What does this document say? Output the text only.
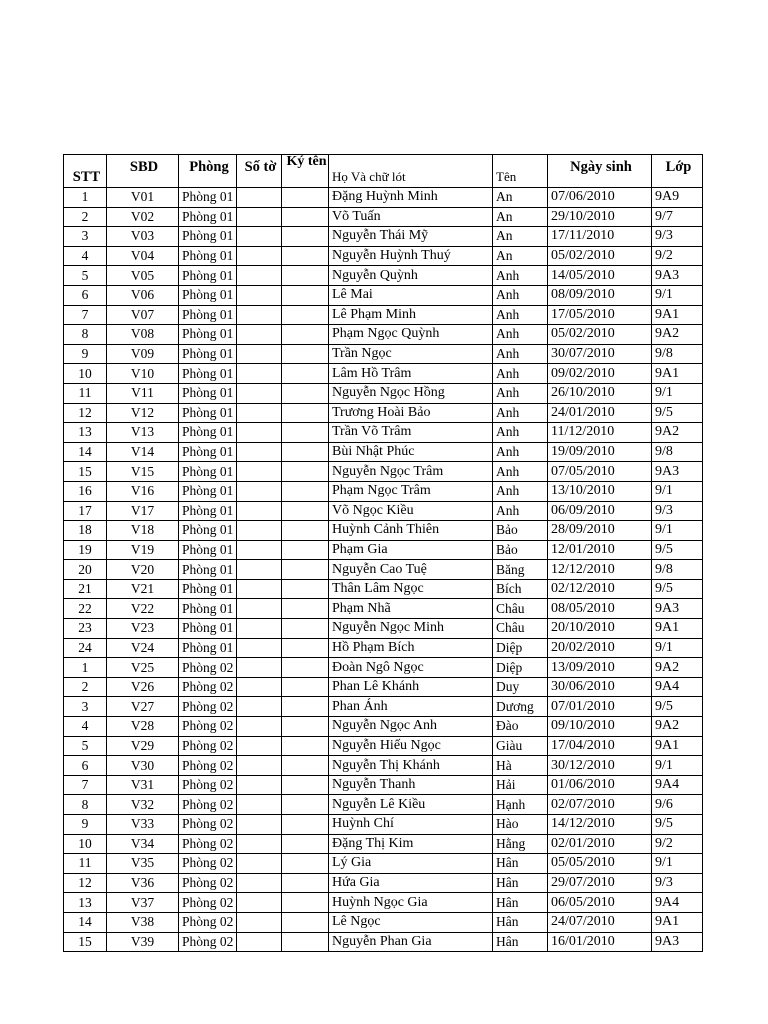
STT	SBD	Phòng	Số tờ	Ký tên	Họ Và chữ lót	Tên	Ngày sinh	Lớp
1	V01	Phòng 01			Đặng Huỳnh Minh	An	07/06/2010	9A9
2	V02	Phòng 01			Võ Tuấn	An	29/10/2010	9/7
3	V03	Phòng 01			Nguyễn Thái Mỹ	An	17/11/2010	9/3
4	V04	Phòng 01			Nguyễn Huỳnh Thuý	An	05/02/2010	9/2
5	V05	Phòng 01			Nguyễn Quỳnh	Anh	14/05/2010	9A3
6	V06	Phòng 01			Lê Mai	Anh	08/09/2010	9/1
7	V07	Phòng 01			Lê Phạm Minh	Anh	17/05/2010	9A1
8	V08	Phòng 01			Phạm Ngọc Quỳnh	Anh	05/02/2010	9A2
9	V09	Phòng 01			Trần Ngọc	Anh	30/07/2010	9/8
10	V10	Phòng 01			Lâm Hồ Trâm	Anh	09/02/2010	9A1
11	V11	Phòng 01			Nguyễn Ngọc Hồng	Anh	26/10/2010	9/1
12	V12	Phòng 01			Trương Hoài Bảo	Anh	24/01/2010	9/5
13	V13	Phòng 01			Trần Võ Trâm	Anh	11/12/2010	9A2
14	V14	Phòng 01			Bùi Nhật Phúc	Anh	19/09/2010	9/8
15	V15	Phòng 01			Nguyễn Ngọc Trâm	Anh	07/05/2010	9A3
16	V16	Phòng 01			Phạm Ngọc Trâm	Anh	13/10/2010	9/1
17	V17	Phòng 01			Võ Ngọc Kiều	Anh	06/09/2010	9/3
18	V18	Phòng 01			Huỳnh Cảnh Thiên	Bảo	28/09/2010	9/1
19	V19	Phòng 01			Phạm Gia	Bảo	12/01/2010	9/5
20	V20	Phòng 01			Nguyễn Cao Tuệ	Băng	12/12/2010	9/8
21	V21	Phòng 01			Thân Lâm Ngọc	Bích	02/12/2010	9/5
22	V22	Phòng 01			Phạm Nhã	Châu	08/05/2010	9A3
23	V23	Phòng 01			Nguyễn Ngọc Minh	Châu	20/10/2010	9A1
24	V24	Phòng 01			Hồ Phạm Bích	Diệp	20/02/2010	9/1
1	V25	Phòng 02			Đoàn Ngô Ngọc	Diệp	13/09/2010	9A2
2	V26	Phòng 02			Phan Lê Khánh	Duy	30/06/2010	9A4
3	V27	Phòng 02			Phan Ánh	Dương	07/01/2010	9/5
4	V28	Phòng 02			Nguyễn Ngọc Anh	Đào	09/10/2010	9A2
5	V29	Phòng 02			Nguyễn Hiếu Ngọc	Giàu	17/04/2010	9A1
6	V30	Phòng 02			Nguyễn Thị Khánh	Hà	30/12/2010	9/1
7	V31	Phòng 02			Nguyễn Thanh	Hải	01/06/2010	9A4
8	V32	Phòng 02			Nguyễn Lê Kiều	Hạnh	02/07/2010	9/6
9	V33	Phòng 02			Huỳnh Chí	Hào	14/12/2010	9/5
10	V34	Phòng 02			Đặng Thị Kim	Hằng	02/01/2010	9/2
11	V35	Phòng 02			Lý Gia	Hân	05/05/2010	9/1
12	V36	Phòng 02			Hứa Gia	Hân	29/07/2010	9/3
13	V37	Phòng 02			Huỳnh Ngọc Gia	Hân	06/05/2010	9A4
14	V38	Phòng 02			Lê Ngọc	Hân	24/07/2010	9A1
15	V39	Phòng 02			Nguyễn Phan Gia	Hân	16/01/2010	9A3
